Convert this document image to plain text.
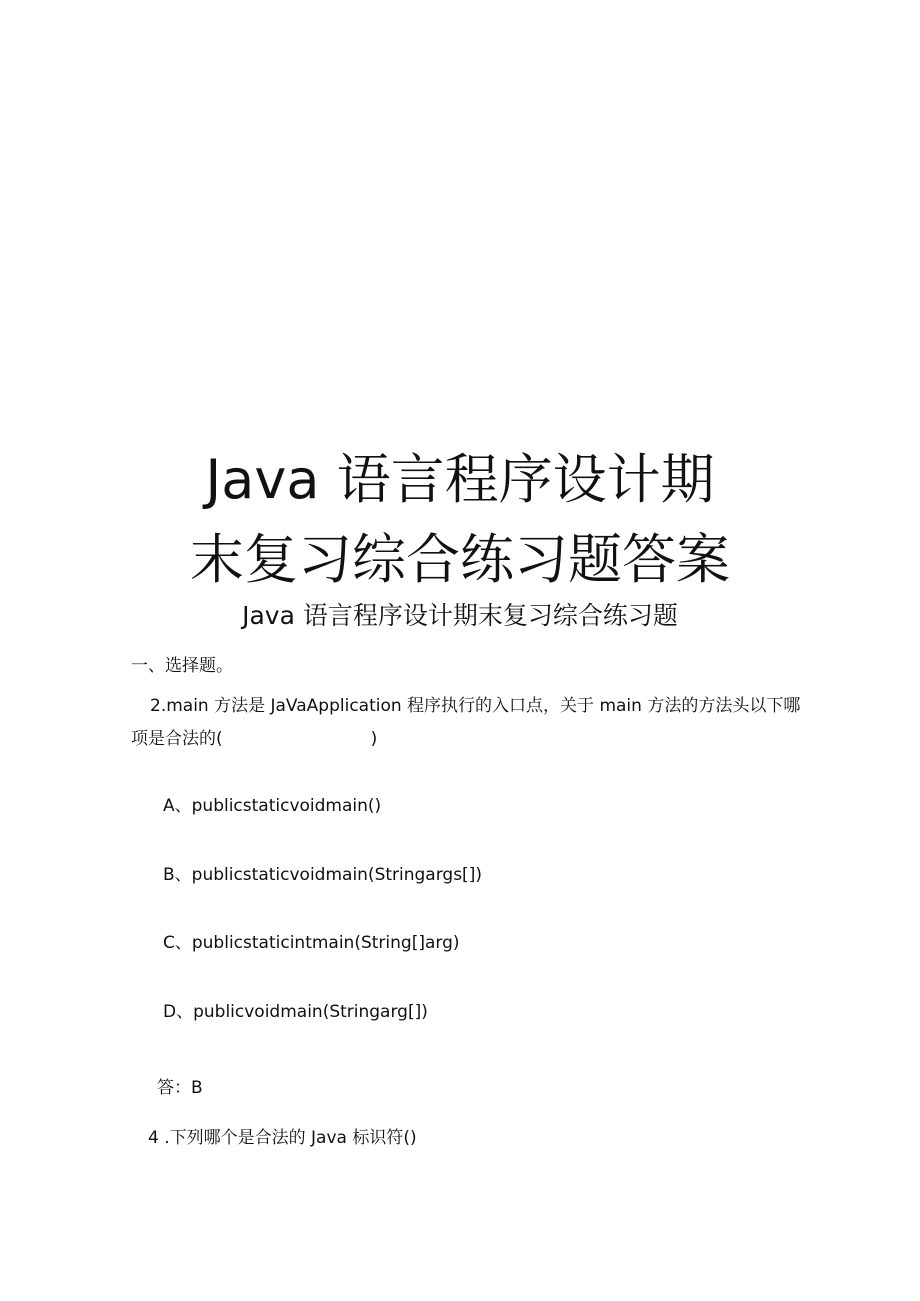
Java 语言程序设计期
末复习综合练习题答案
Java 语言程序设计期末复习综合练习题
一、选择题。
2.main 方法是 JaVaApplication 程序执行的入口点，关于 main 方法的方法头以下哪
项是合法的(	)
A、publicstaticvoidmain()
B、publicstaticvoidmain(Stringargs[])
C、publicstaticintmain(String[]arg)
D、publicvoidmain(Stringarg[])
答：B
4 .下列哪个是合法的 Java 标识符()
